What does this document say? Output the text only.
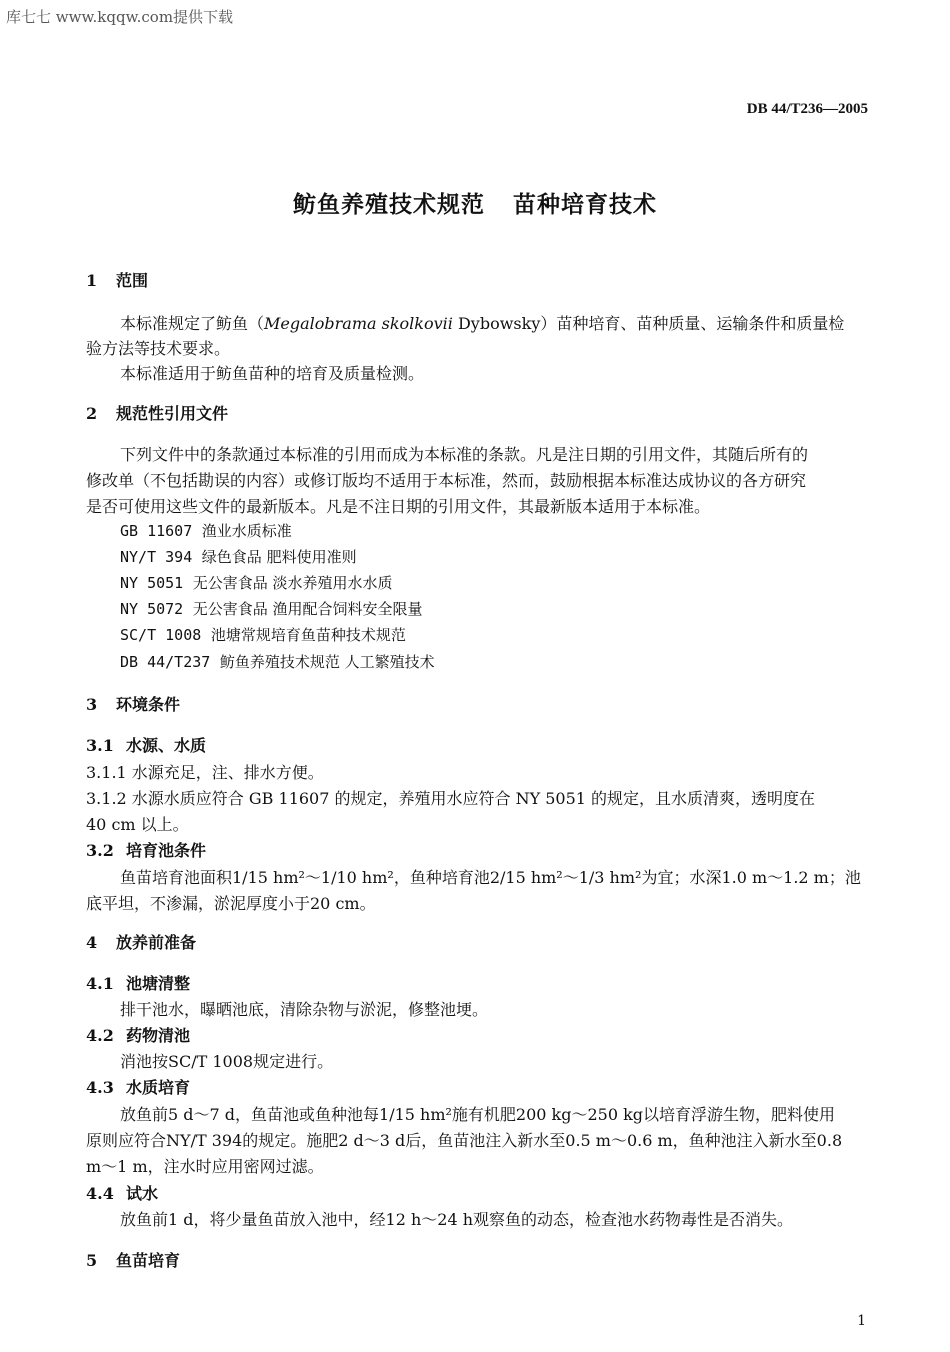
库七七 www.kqqw.com提供下载
DB 44/T236—2005
鲂鱼养殖技术规范 苗种培育技术
1 范围
本标准规定了鲂鱼（Megalobrama skolkovii Dybowsky）苗种培育、苗种质量、运输条件和质量检
验方法等技术要求。
本标准适用于鲂鱼苗种的培育及质量检测。
2 规范性引用文件
下列文件中的条款通过本标准的引用而成为本标准的条款。凡是注日期的引用文件，其随后所有的
修改单（不包括勘误的内容）或修订版均不适用于本标准，然而，鼓励根据本标准达成协议的各方研究
是否可使用这些文件的最新版本。凡是不注日期的引用文件，其最新版本适用于本标准。
GB 11607 渔业水质标准
NY/T 394 绿色食品 肥料使用准则
NY 5051 无公害食品 淡水养殖用水水质
NY 5072 无公害食品 渔用配合饲料安全限量
SC/T 1008 池塘常规培育鱼苗种技术规范
DB 44/T237 鲂鱼养殖技术规范 人工繁殖技术
3 环境条件
3.1 水源、水质
3.1.1 水源充足，注、排水方便。
3.1.2 水源水质应符合 GB 11607 的规定，养殖用水应符合 NY 5051 的规定，且水质清爽，透明度在
40 cm 以上。
3.2 培育池条件
鱼苗培育池面积1/15 hm²～1/10 hm²，鱼种培育池2/15 hm²～1/3 hm²为宜；水深1.0 m～1.2 m；池
底平坦，不渗漏，淤泥厚度小于20 cm。
4 放养前准备
4.1 池塘清整
排干池水，曝晒池底，清除杂物与淤泥，修整池埂。
4.2 药物清池
消池按SC/T 1008规定进行。
4.3 水质培育
放鱼前5 d～7 d，鱼苗池或鱼种池每1/15 hm²施有机肥200 kg～250 kg以培育浮游生物，肥料使用
原则应符合NY/T 394的规定。施肥2 d～3 d后，鱼苗池注入新水至0.5 m～0.6 m，鱼种池注入新水至0.8
m～1 m，注水时应用密网过滤。
4.4 试水
放鱼前1 d，将少量鱼苗放入池中，经12 h～24 h观察鱼的动态，检查池水药物毒性是否消失。
5 鱼苗培育
1
